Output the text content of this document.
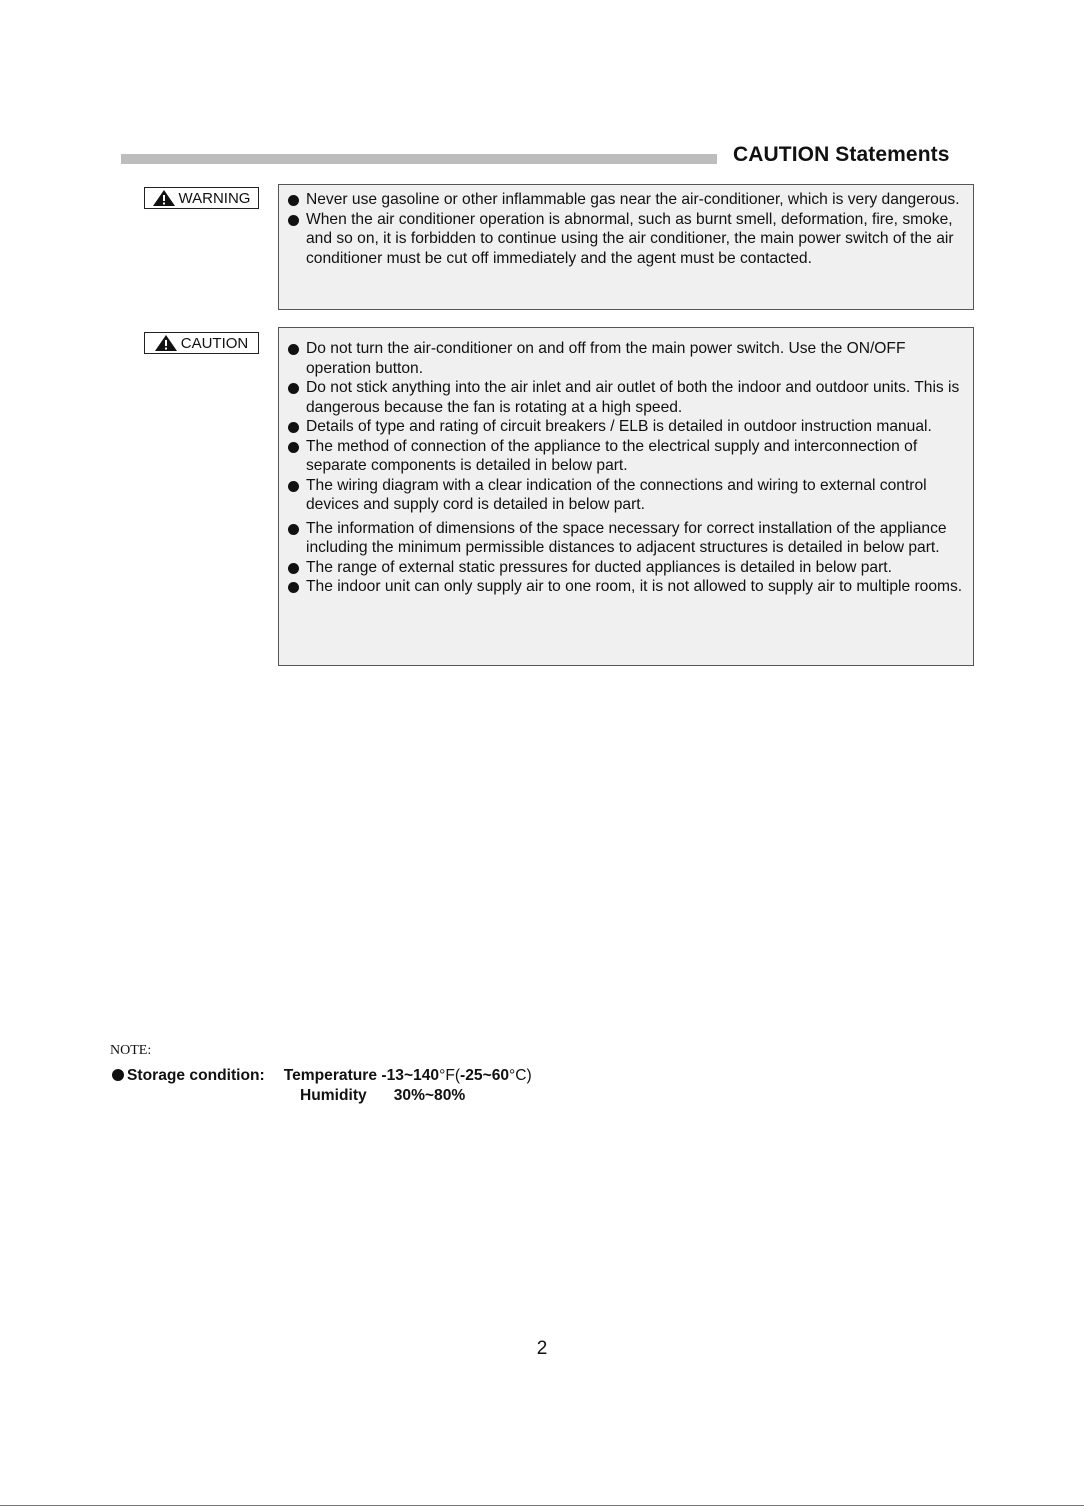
CAUTION Statements
WARNING	Never use gasoline or other inflammable gas near the air-conditioner, which is very dangerous.
When the air conditioner operation is abnormal, such as burnt smell, deformation, fire, smoke, and so on, it is forbidden to continue using the air conditioner, the main power switch of the air conditioner must be cut off immediately and the agent must be contacted.
CAUTION	Do not turn the air-conditioner on and off from the main power switch. Use the ON/OFF operation button.
Do not stick anything into the air inlet and air outlet of both the indoor and outdoor units. This is dangerous because the fan is rotating at a high speed.
Details of type and rating of circuit breakers / ELB is detailed in outdoor instruction manual.
The method of connection of the appliance to the electrical supply and interconnection of separate components is detailed in below part.
The wiring diagram with a clear indication of the connections and wiring to external control devices and supply cord is detailed in below part.
The information of dimensions of the space necessary for correct installation of the appliance including the minimum permissible distances to adjacent structures is detailed in below part.
The range of external static pressures for ducted appliances is detailed in below part.
The indoor unit can only supply air to one room, it is not allowed to supply air to multiple rooms.
NOTE:
Storage condition: Temperature -13~140°F(-25~60°C)
Humidity 30%~80%
2
